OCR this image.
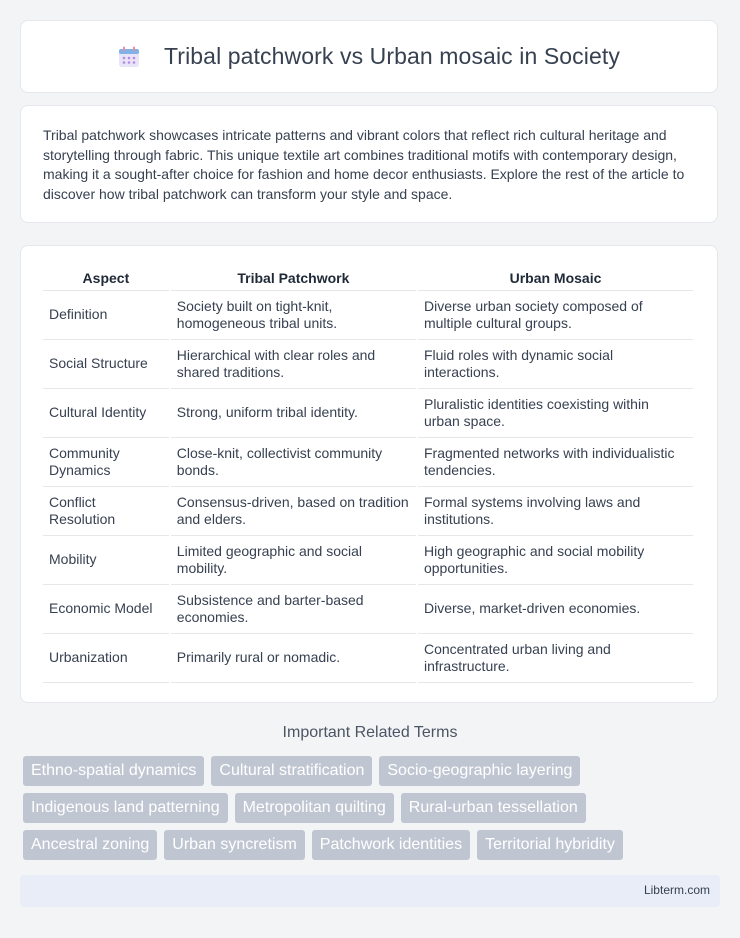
Tribal patchwork vs Urban mosaic in Society

Tribal patchwork showcases intricate patterns and vibrant colors that reflect rich cultural heritage and storytelling through fabric. This unique textile art combines traditional motifs with contemporary design, making it a sought-after choice for fashion and home decor enthusiasts. Explore the rest of the article to discover how tribal patchwork can transform your style and space.

Aspect	Tribal Patchwork	Urban Mosaic
Definition	Society built on tight-knit, homogeneous tribal units.	Diverse urban society composed of multiple cultural groups.
Social Structure	Hierarchical with clear roles and shared traditions.	Fluid roles with dynamic social interactions.
Cultural Identity	Strong, uniform tribal identity.	Pluralistic identities coexisting within urban space.
Community Dynamics	Close-knit, collectivist community bonds.	Fragmented networks with individualistic tendencies.
Conflict Resolution	Consensus-driven, based on tradition and elders.	Formal systems involving laws and institutions.
Mobility	Limited geographic and social mobility.	High geographic and social mobility opportunities.
Economic Model	Subsistence and barter-based economies.	Diverse, market-driven economies.
Urbanization	Primarily rural or nomadic.	Concentrated urban living and infrastructure.
Important Related Terms
Ethno-spatial dynamics	Cultural stratification	Socio-geographic layering
Indigenous land patterning	Metropolitan quilting	Rural-urban tessellation
Ancestral zoning	Urban syncretism	Patchwork identities	Territorial hybridity
Libterm.com
